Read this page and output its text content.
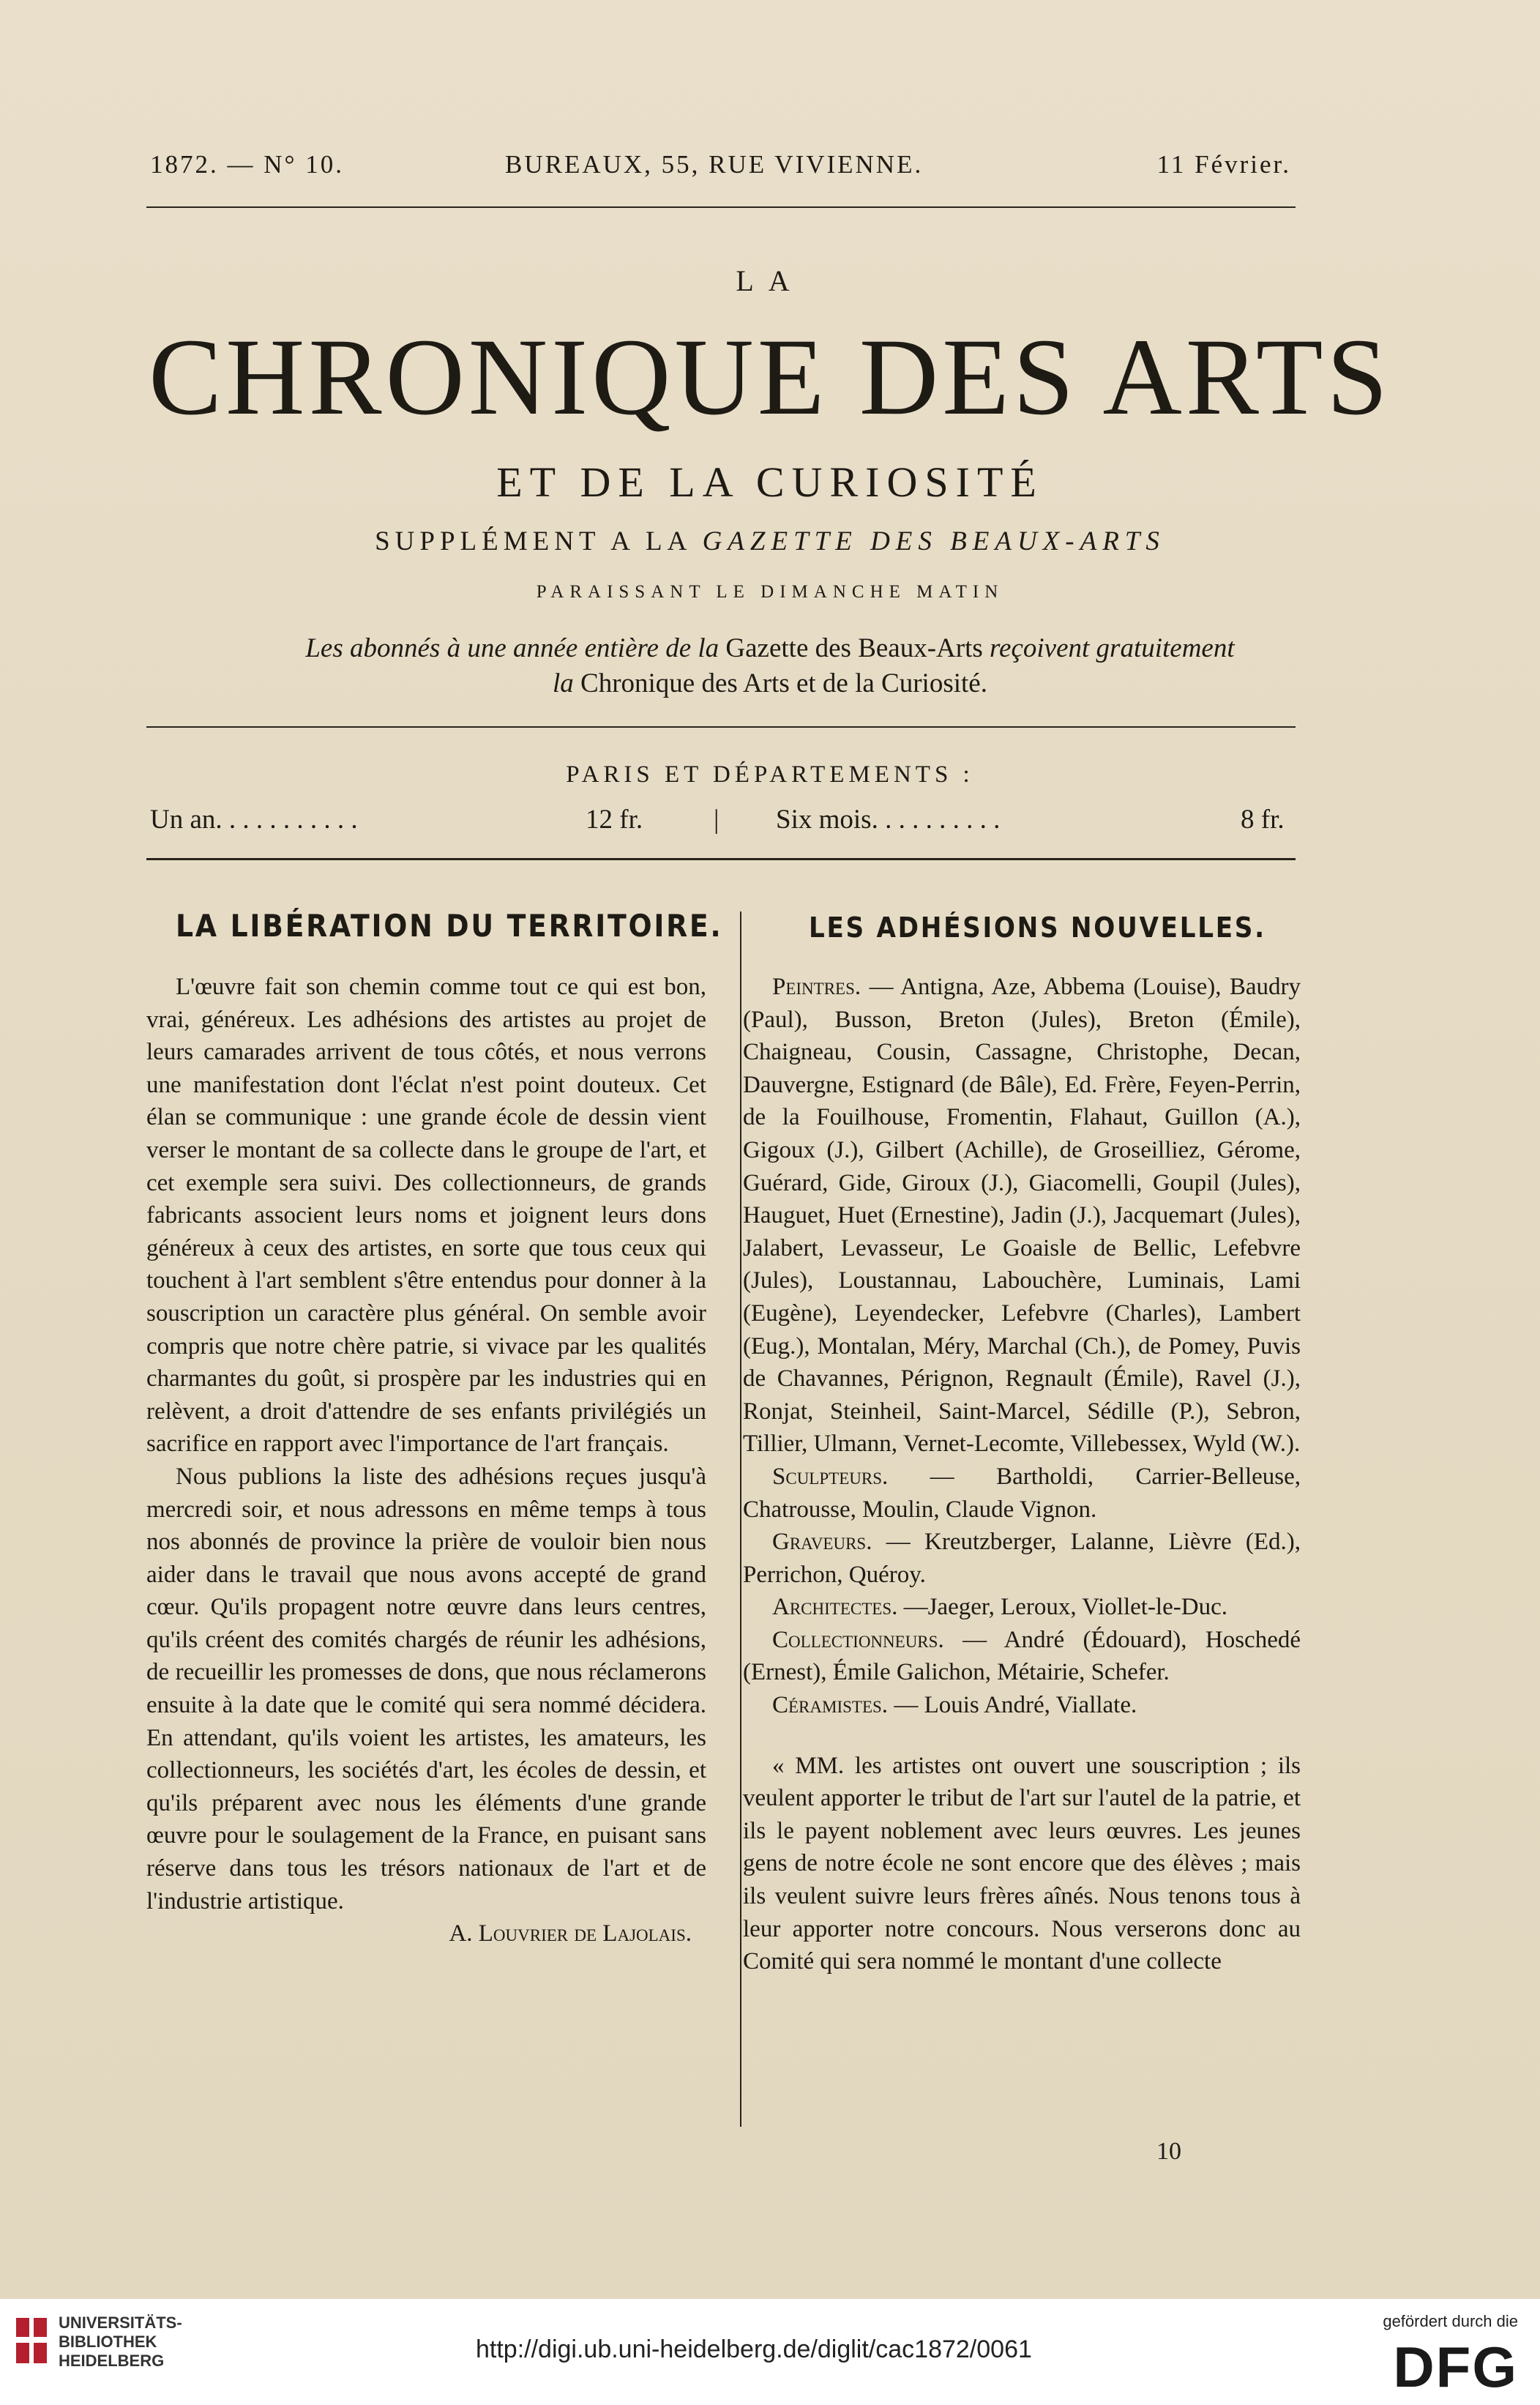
1872. — N° 10.	BUREAUX, 55, RUE VIVIENNE.	11 Février.
LA
CHRONIQUE DES ARTS
ET DE LA CURIOSITÉ
SUPPLÉMENT A LA GAZETTE DES BEAUX-ARTS
PARAISSANT LE DIMANCHE MATIN
Les abonnés à une année entière de la Gazette des Beaux-Arts reçoivent gratuitement
la Chronique des Arts et de la Curiosité.
PARIS ET DÉPARTEMENTS :
Un an. . . . . . . . . . .	12 fr.	| Six mois. . . . . . . . . .	8 fr.
LA LIBÉRATION DU TERRITOIRE.

L'œuvre fait son chemin comme tout ce qui est bon, vrai, généreux. Les adhésions des artistes au projet de leurs camarades arrivent de tous côtés, et nous verrons une manifestation dont l'éclat n'est point douteux. Cet élan se communique : une grande école de dessin vient verser le montant de sa collecte dans le groupe de l'art, et cet exemple sera suivi. Des collectionneurs, de grands fabricants associent leurs noms et joignent leurs dons généreux à ceux des artistes, en sorte que tous ceux qui touchent à l'art semblent s'être entendus pour donner à la souscription un caractère plus général. On semble avoir compris que notre chère patrie, si vivace par les qualités charmantes du goût, si prospère par les industries qui en relèvent, a droit d'attendre de ses enfants privilégiés un sacrifice en rapport avec l'importance de l'art français.

Nous publions la liste des adhésions reçues jusqu'à mercredi soir, et nous adressons en même temps à tous nos abonnés de province la prière de vouloir bien nous aider dans le travail que nous avons accepté de grand cœur. Qu'ils propagent notre œuvre dans leurs centres, qu'ils créent des comités chargés de réunir les adhésions, de recueillir les promesses de dons, que nous réclamerons ensuite à la date que le comité qui sera nommé décidera. En attendant, qu'ils voient les artistes, les amateurs, les collectionneurs, les sociétés d'art, les écoles de dessin, et qu'ils préparent avec nous les éléments d'une grande œuvre pour le soulagement de la France, en puisant sans réserve dans tous les trésors nationaux de l'art et de l'industrie artistique.

A. Louvrier de Lajolais.

LES ADHÉSIONS NOUVELLES.

Peintres. — Antigna, Aze, Abbema (Louise), Baudry (Paul), Busson, Breton (Jules), Breton (Émile), Chaigneau, Cousin, Cassagne, Christophe, Decan, Dauvergne, Estignard (de Bâle), Ed. Frère, Feyen-Perrin, de la Fouilhouse, Fromentin, Flahaut, Guillon (A.), Gigoux (J.), Gilbert (Achille), de Groseilliez, Gérome, Guérard, Gide, Giroux (J.), Giacomelli, Goupil (Jules), Hauguet, Huet (Ernestine), Jadin (J.), Jacquemart (Jules), Jalabert, Levasseur, Le Goaisle de Bellic, Lefebvre (Jules), Loustannau, Labouchère, Luminais, Lami (Eugène), Leyendecker, Lefebvre (Charles), Lambert (Eug.), Montalan, Méry, Marchal (Ch.), de Pomey, Puvis de Chavannes, Pérignon, Regnault (Émile), Ravel (J.), Ronjat, Steinheil, Saint-Marcel, Sédille (P.), Sebron, Tillier, Ulmann, Vernet-Lecomte, Villebessex, Wyld (W.).

Sculpteurs. — Bartholdi, Carrier-Belleuse, Chatrousse, Moulin, Claude Vignon.

Graveurs. — Kreutzberger, Lalanne, Lièvre (Ed.), Perrichon, Quéroy.

Architectes. —Jaeger, Leroux, Viollet-le-Duc.

Collectionneurs. — André (Édouard), Hoschedé (Ernest), Émile Galichon, Métairie, Schefer.

Céramistes. — Louis André, Viallate.

« MM. les artistes ont ouvert une souscription ; ils veulent apporter le tribut de l'art sur l'autel de la patrie, et ils le payent noblement avec leurs œuvres. Les jeunes gens de notre école ne sont encore que des élèves ; mais ils veulent suivre leurs frères aînés. Nous tenons tous à leur apporter notre concours. Nous verserons donc au Comité qui sera nommé le montant d'une collecte

10
UNIVERSITÄTS-
BIBLIOTHEK
HEIDELBERG	http://digi.ub.uni-heidelberg.de/diglit/cac1872/0061
gefördert durch die
DFG
